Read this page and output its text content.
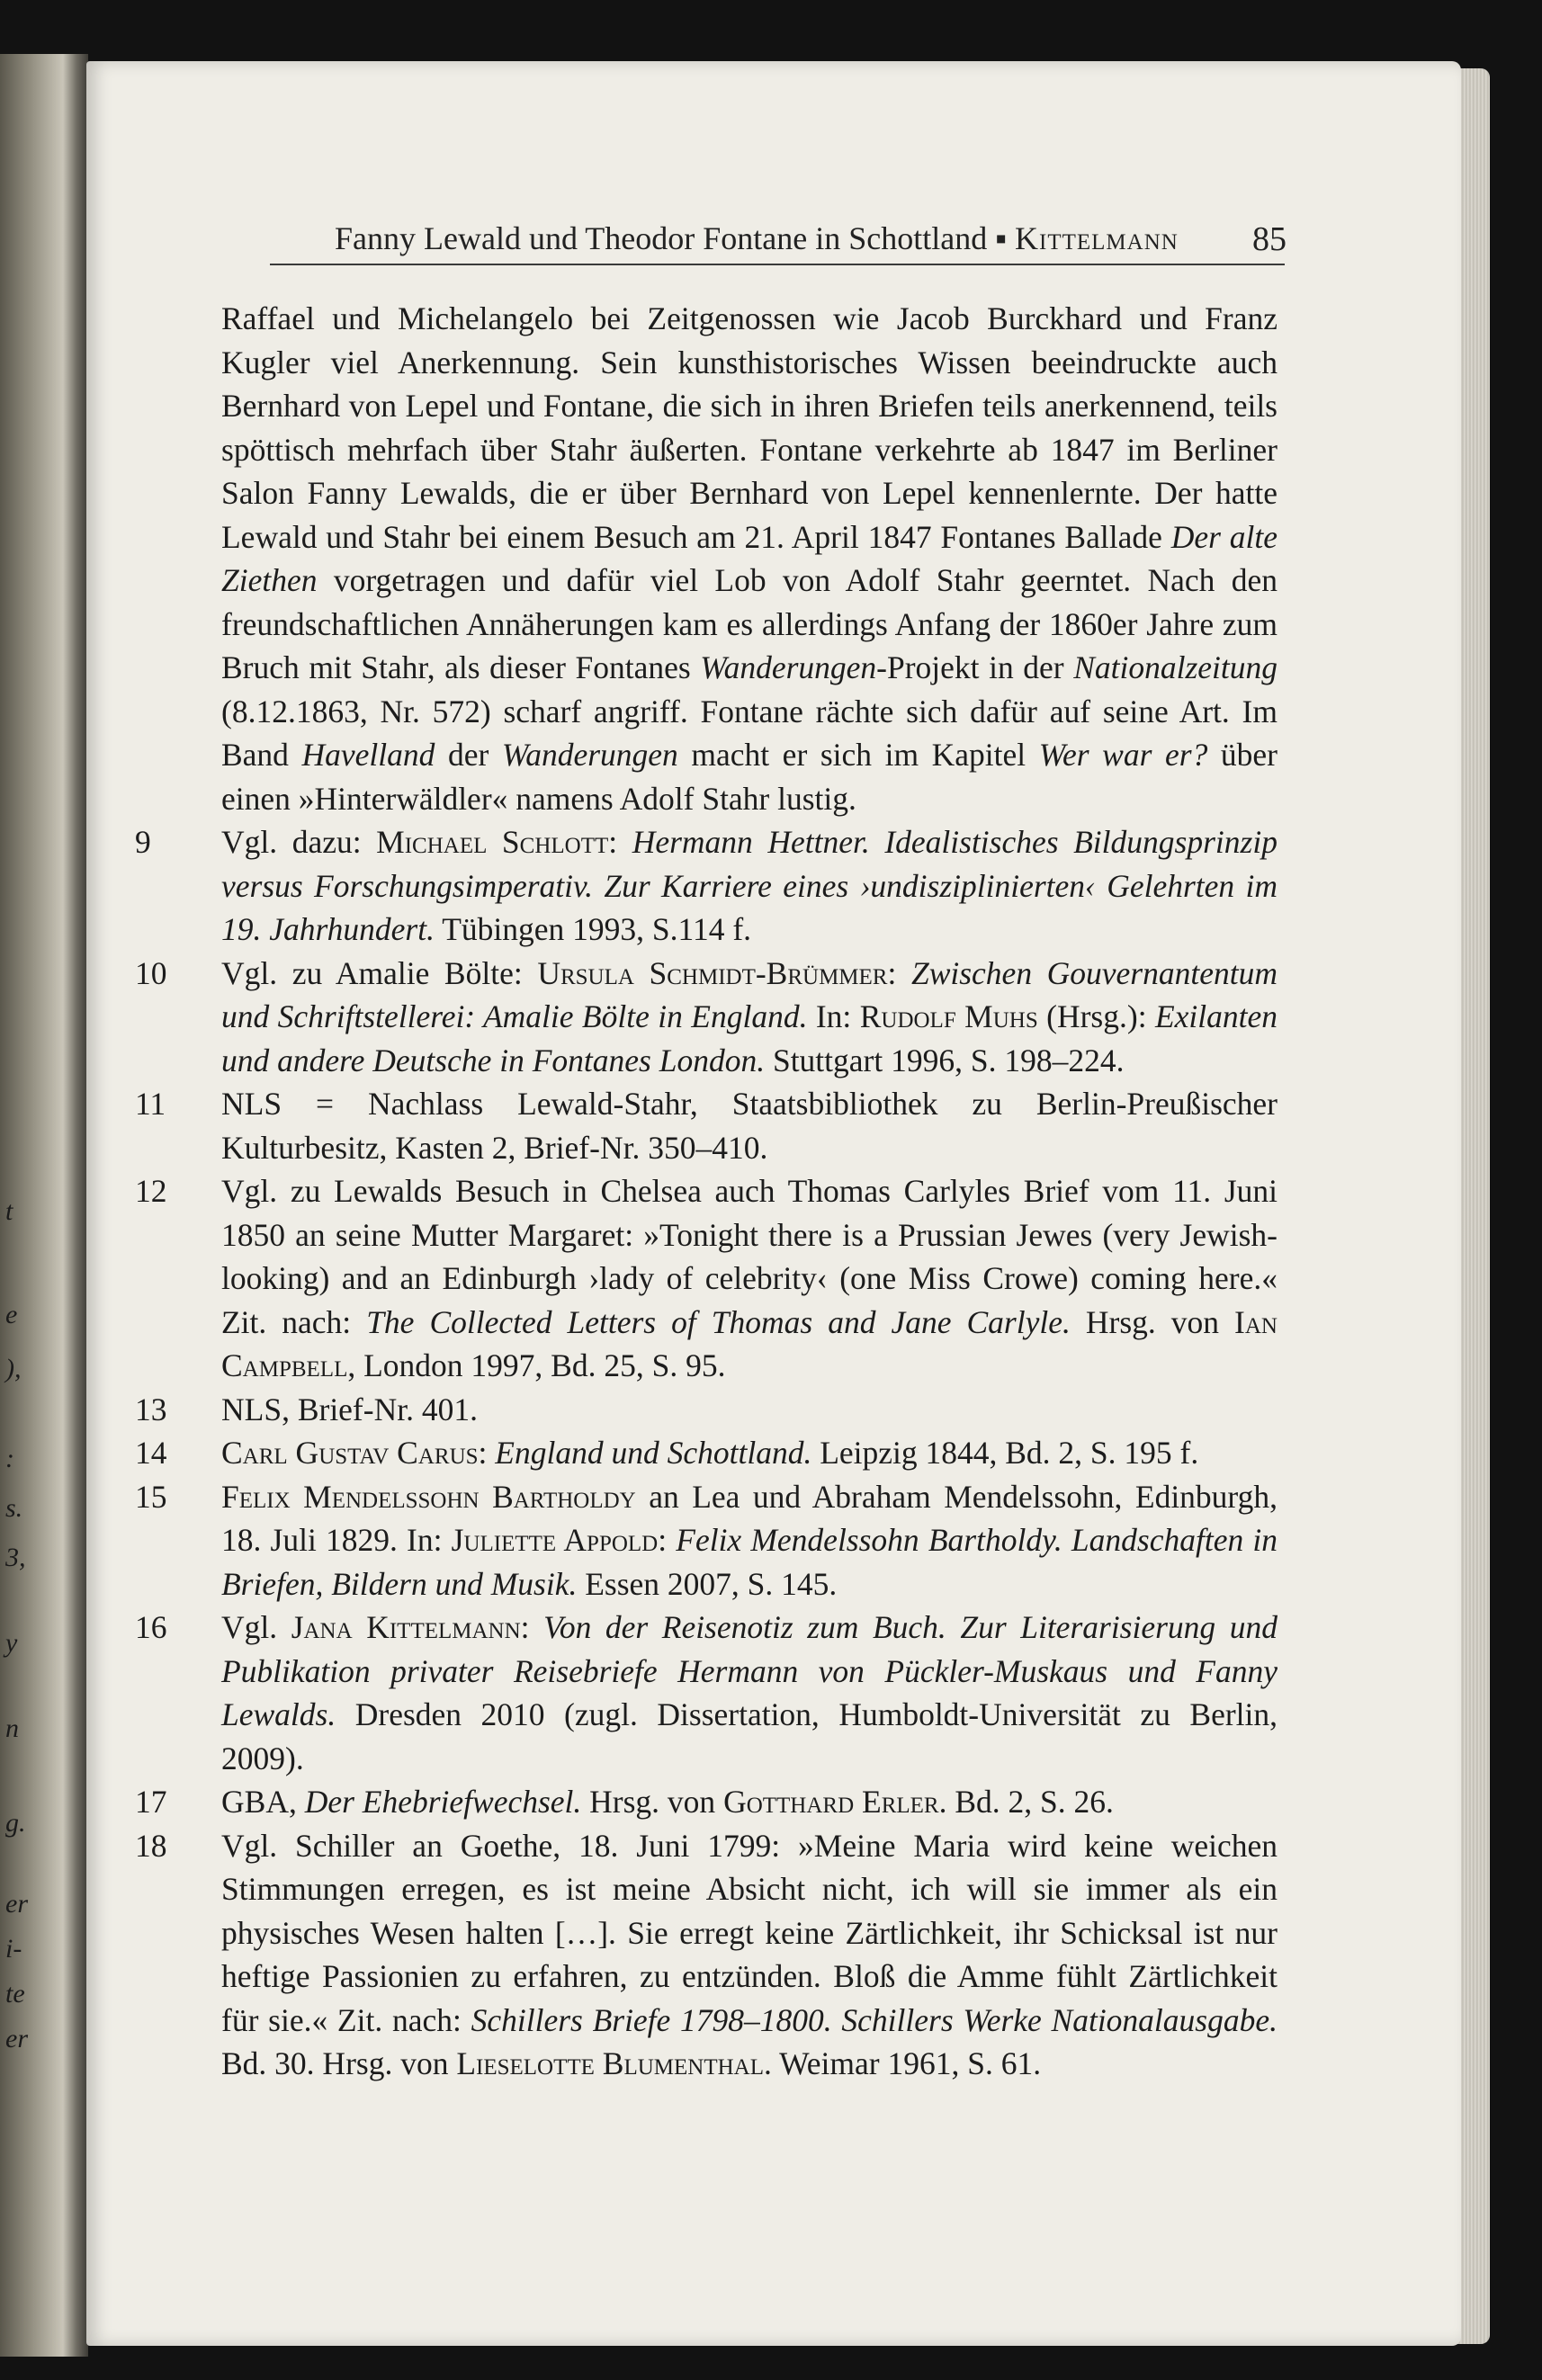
t
e
),
:
s.
3,
y
n
g.
er
i-
te
er
Fanny Lewald und Theodor Fontane in Schottland ▪ Kittelmann 85

Raffael und Michelangelo bei Zeitgenossen wie Jacob Burckhard und Franz Kugler viel Anerkennung. Sein kunsthistorisches Wissen beeindruckte auch Bernhard von Lepel und Fontane, die sich in ihren Briefen teils anerkennend, teils spöttisch mehrfach über Stahr äußerten. Fontane verkehrte ab 1847 im Berliner Salon Fanny Lewalds, die er über Bernhard von Lepel kennenlernte. Der hatte Lewald und Stahr bei einem Besuch am 21. April 1847 Fontanes Ballade Der alte Ziethen vorgetragen und dafür viel Lob von Adolf Stahr geerntet. Nach den freundschaftlichen Annäherungen kam es allerdings Anfang der 1860er Jahre zum Bruch mit Stahr, als dieser Fontanes Wanderungen-Projekt in der Nationalzeitung (8.12.1863, Nr. 572) scharf angriff. Fontane rächte sich dafür auf seine Art. Im Band Havelland der Wanderungen macht er sich im Kapitel Wer war er? über einen »Hinterwäldler« namens Adolf Stahr lustig.

9	Vgl. dazu: Michael Schlott: Hermann Hettner. Idealistisches Bildungsprinzip versus Forschungsimperativ. Zur Karriere eines ›undisziplinierten‹ Gelehrten im 19. Jahrhundert. Tübingen 1993, S.114 f.

10	Vgl. zu Amalie Bölte: Ursula Schmidt-Brümmer: Zwischen Gouvernantentum und Schriftstellerei: Amalie Bölte in England. In: Rudolf Muhs (Hrsg.): Exilanten und andere Deutsche in Fontanes London. Stuttgart 1996, S. 198–224.

11	NLS = Nachlass Lewald-Stahr, Staatsbibliothek zu Berlin-Preußischer Kulturbesitz, Kasten 2, Brief-Nr. 350–410.

12	Vgl. zu Lewalds Besuch in Chelsea auch Thomas Carlyles Brief vom 11. Juni 1850 an seine Mutter Margaret: »Tonight there is a Prussian Jewes (very Jewish-looking) and an Edinburgh ›lady of celebrity‹ (one Miss Crowe) coming here.« Zit. nach: The Collected Letters of Thomas and Jane Carlyle. Hrsg. von Ian Campbell, London 1997, Bd. 25, S. 95.

13	NLS, Brief-Nr. 401.

14	Carl Gustav Carus: England und Schottland. Leipzig 1844, Bd. 2, S. 195 f.

15	Felix Mendelssohn Bartholdy an Lea und Abraham Mendelssohn, Edinburgh, 18. Juli 1829. In: Juliette Appold: Felix Mendelssohn Bartholdy. Landschaften in Briefen, Bildern und Musik. Essen 2007, S. 145.

16	Vgl. Jana Kittelmann: Von der Reisenotiz zum Buch. Zur Literarisierung und Publikation privater Reisebriefe Hermann von Pückler-Muskaus und Fanny Lewalds. Dresden 2010 (zugl. Dissertation, Humboldt-Universität zu Berlin, 2009).

17	GBA, Der Ehebriefwechsel. Hrsg. von Gotthard Erler. Bd. 2, S. 26.

18	Vgl. Schiller an Goethe, 18. Juni 1799: »Meine Maria wird keine weichen Stimmungen erregen, es ist meine Absicht nicht, ich will sie immer als ein physisches Wesen halten […]. Sie erregt keine Zärtlichkeit, ihr Schicksal ist nur heftige Passionien zu erfahren, zu entzünden. Bloß die Amme fühlt Zärtlichkeit für sie.« Zit. nach: Schillers Briefe 1798–1800. Schillers Werke Nationalausgabe. Bd. 30. Hrsg. von Lieselotte Blumenthal. Weimar 1961, S. 61.
